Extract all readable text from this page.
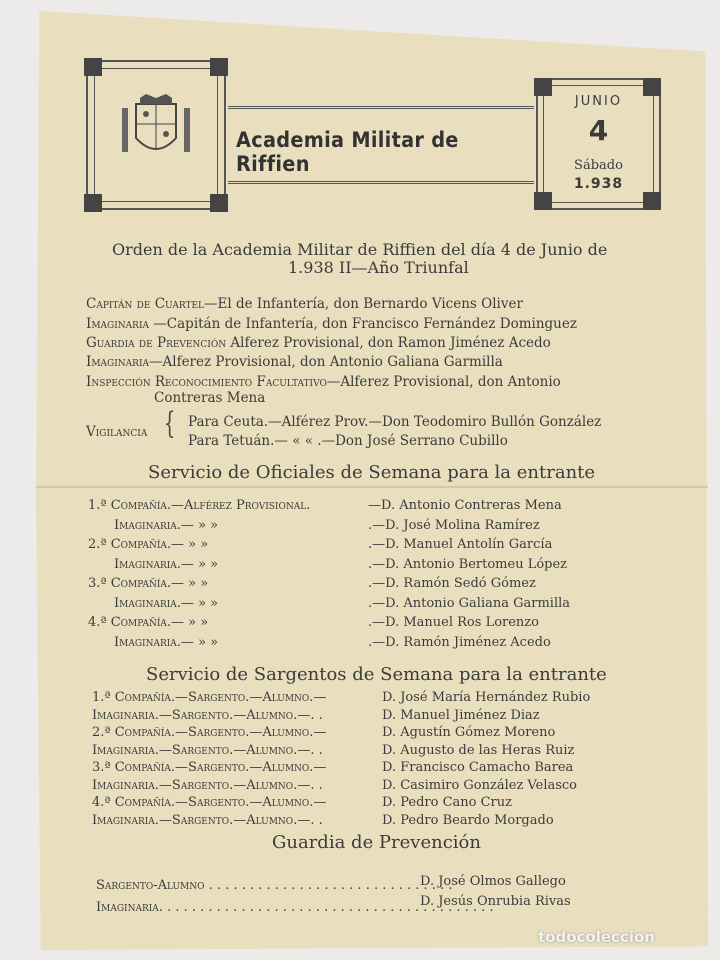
Academia Militar de Riffien
JUNIO
4
Sábado
1.938
Orden de la Academia Militar de Riffien del día 4 de Junio de
1.938 II—Año Triunfal
Capitán de Cuartel—El de Infantería, don Bernardo Vicens Oliver
Imaginaria —Capitán de Infantería, don Francisco Fernández Dominguez
Guardia de Prevención Alferez Provisional, don Ramon Jiménez Acedo
Imaginaria—Alferez Provisional, don Antonio Galiana Garmilla
Inspección Reconocimiento Facultativo—Alferez Provisional, don Antonio
Contreras Mena
Vigilancia { Para Ceuta.—Alférez Prov.—Don Teodomiro Bullón González
Para Tetuán.— « « .—Don José Serrano Cubillo
Servicio de Oficiales de Semana para la entrante
1.ª Compañía.—Alférez Provisional.	—D. Antonio Contreras Mena
Imaginaria.— » »	.—D. José Molina Ramírez
2.ª Compañía.— » »	.—D. Manuel Antolín García
Imaginaria.— » »	.—D. Antonio Bertomeu López
3.ª Compañía.— » »	.—D. Ramón Sedó Gómez
Imaginaria.— » »	.—D. Antonio Galiana Garmilla
4.ª Compañía.— » »	.—D. Manuel Ros Lorenzo
Imaginaria.— » »	.—D. Ramón Jiménez Acedo
Servicio de Sargentos de Semana para la entrante
1.ª Compañía.—Sargento.—Alumno.—	D. José María Hernández Rubio
Imaginaria.—Sargento.—Alumno.—. .	D. Manuel Jiménez Diaz
2.ª Compañía.—Sargento.—Alumno.—	D. Agustín Gómez Moreno
Imaginaria.—Sargento.—Alumno.—. .	D. Augusto de las Heras Ruiz
3.ª Compañía.—Sargento.—Alumno.—	D. Francisco Camacho Barea
Imaginaria.—Sargento.—Alumno.—. .	D. Casimiro González Velasco
4.ª Compañía.—Sargento.—Alumno.—	D. Pedro Cano Cruz
Imaginaria.—Sargento.—Alumno.—. .	D. Pedro Beardo Morgado
Guardia de Prevención
Sargento-Alumno . . . . . . . . . . . . . . . . . . . . . . . . . . . . . .
D. José Olmos Gallego
Imaginaria. . . . . . . . . . . . . . . . . . . . . . . . . . . . . . . . . . . . . . . . .
D. Jesús Onrubia Rivas
todocoleccion
